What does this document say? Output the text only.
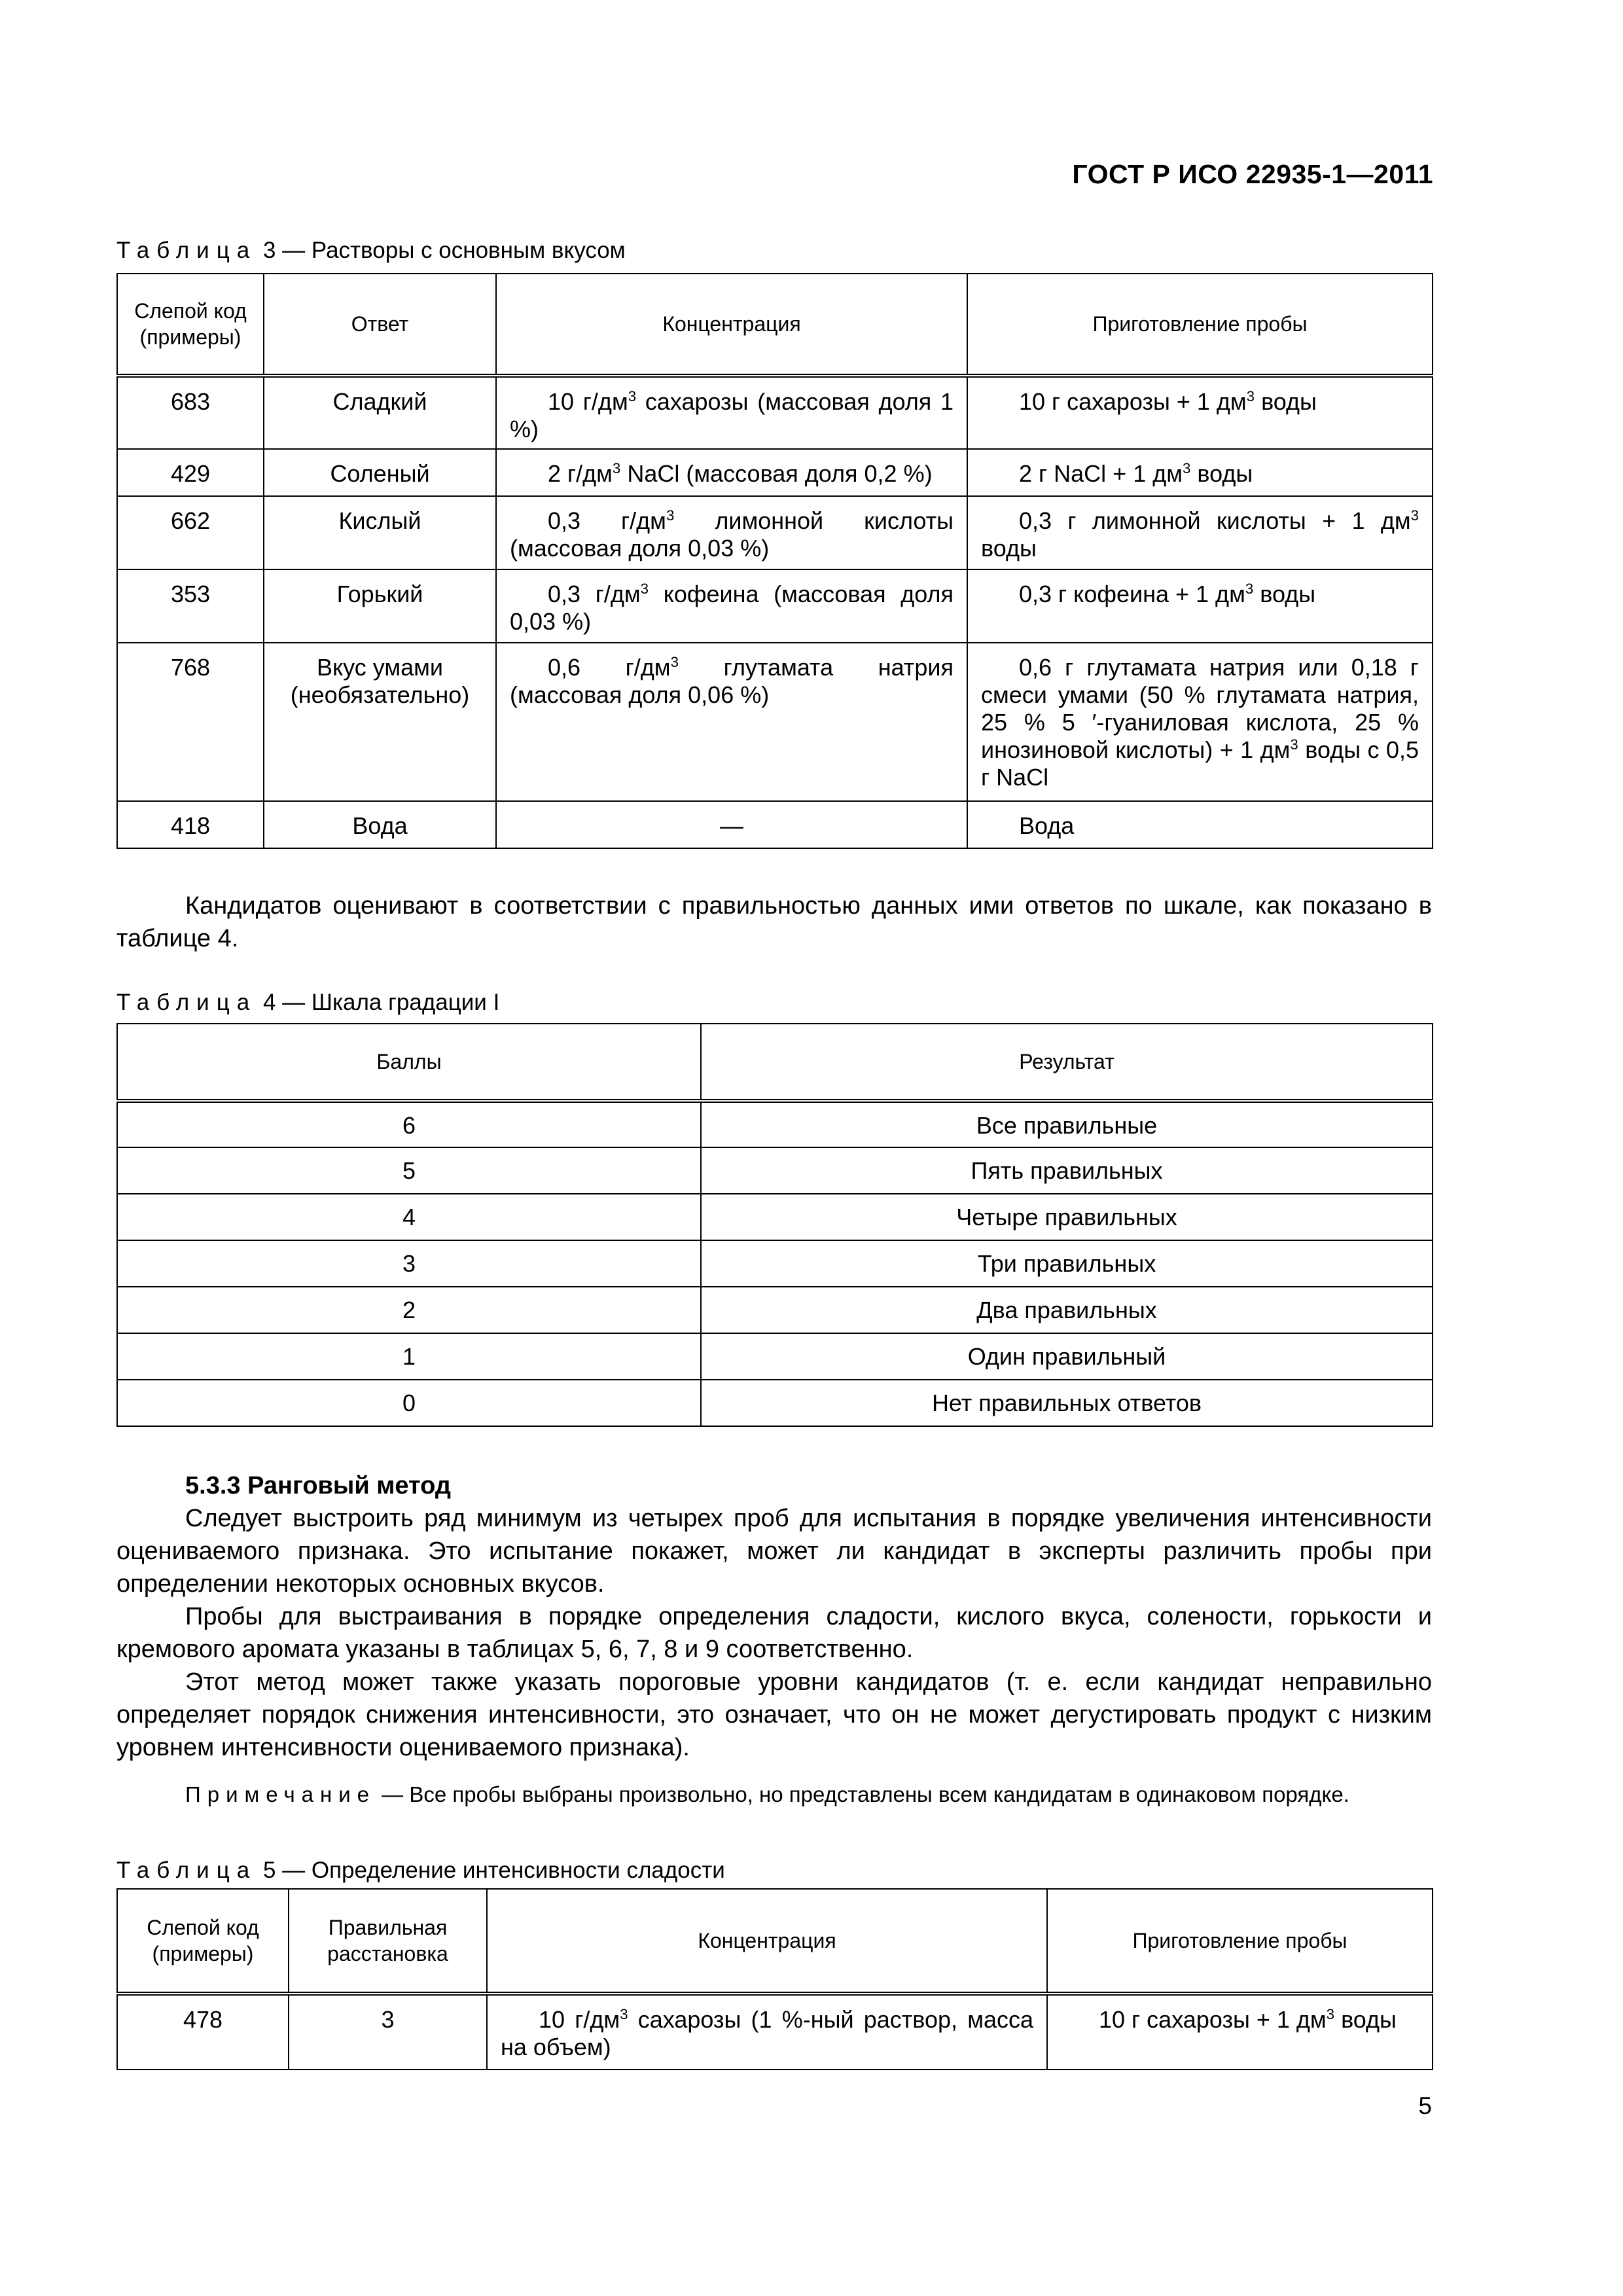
ГОСТ Р ИСО 22935-1—2011
Таблица 3 — Растворы с основным вкусом
Слепой код (примеры)	Ответ	Концентрация	Приготовление пробы
683	Сладкий	10 $г/дм^3$ сахарозы (массовая доля 1 %)	10 г сахарозы + 1 $дм^3$ воды
429	Соленый	2 $г/дм^3$ NaCl (массовая доля 0,2 %)	2 г NaCl + 1 $дм^3$ воды
662	Кислый	0,3 $г/дм^3$ лимонной кислоты (массовая доля 0,03 %)	0,3 г лимонной кислоты + 1 $дм^3$ воды
353	Горький	0,3 $г/дм^3$ кофеина (массовая доля 0,03 %)	0,3 г кофеина + 1 $дм^3$ воды
768	Вкус умами (необязательно)	0,6 $г/дм^3$ глутамата натрия (массовая доля 0,06 %)	0,6 г глутамата натрия или 0,18 г смеси умами (50 % глутамата натрия, 25 % 5 ′-гуаниловая кислота, 25 % инозиновой кислоты) + 1 $дм^3$ воды с 0,5 г NaCl
418	Вода	—	Вода

Кандидатов оценивают в соответствии с правильностью данных ими ответов по шкале, как показано в таблице 4.

Таблица 4 — Шкала градации I
Баллы	Результат
6	Все правильные
5	Пять правильных
4	Четыре правильных
3	Три правильных
2	Два правильных
1	Один правильный
0	Нет правильных ответов

5.3.3 Ранговый метод

Следует выстроить ряд минимум из четырех проб для испытания в порядке увеличения интенсивности оцениваемого признака. Это испытание покажет, может ли кандидат в эксперты различить пробы при определении некоторых основных вкусов.

Пробы для выстраивания в порядке определения сладости, кислого вкуса, солености, горькости и кремового аромата указаны в таблицах 5, 6, 7, 8 и 9 соответственно.

Этот метод может также указать пороговые уровни кандидатов (т. е. если кандидат неправильно определяет порядок снижения интенсивности, это означает, что он не может дегустировать продукт с низким уровнем интенсивности оцениваемого признака).

Примечание — Все пробы выбраны произвольно, но представлены всем кандидатам в одинаковом порядке.
Таблица 5 — Определение интенсивности сладости
Слепой код (примеры)	Правильная расстановка	Концентрация	Приготовление пробы
478	3	10 $г/дм^3$ сахарозы (1 %-ный раствор, масса на объем)	10 г сахарозы + 1 $дм^3$ воды
5
